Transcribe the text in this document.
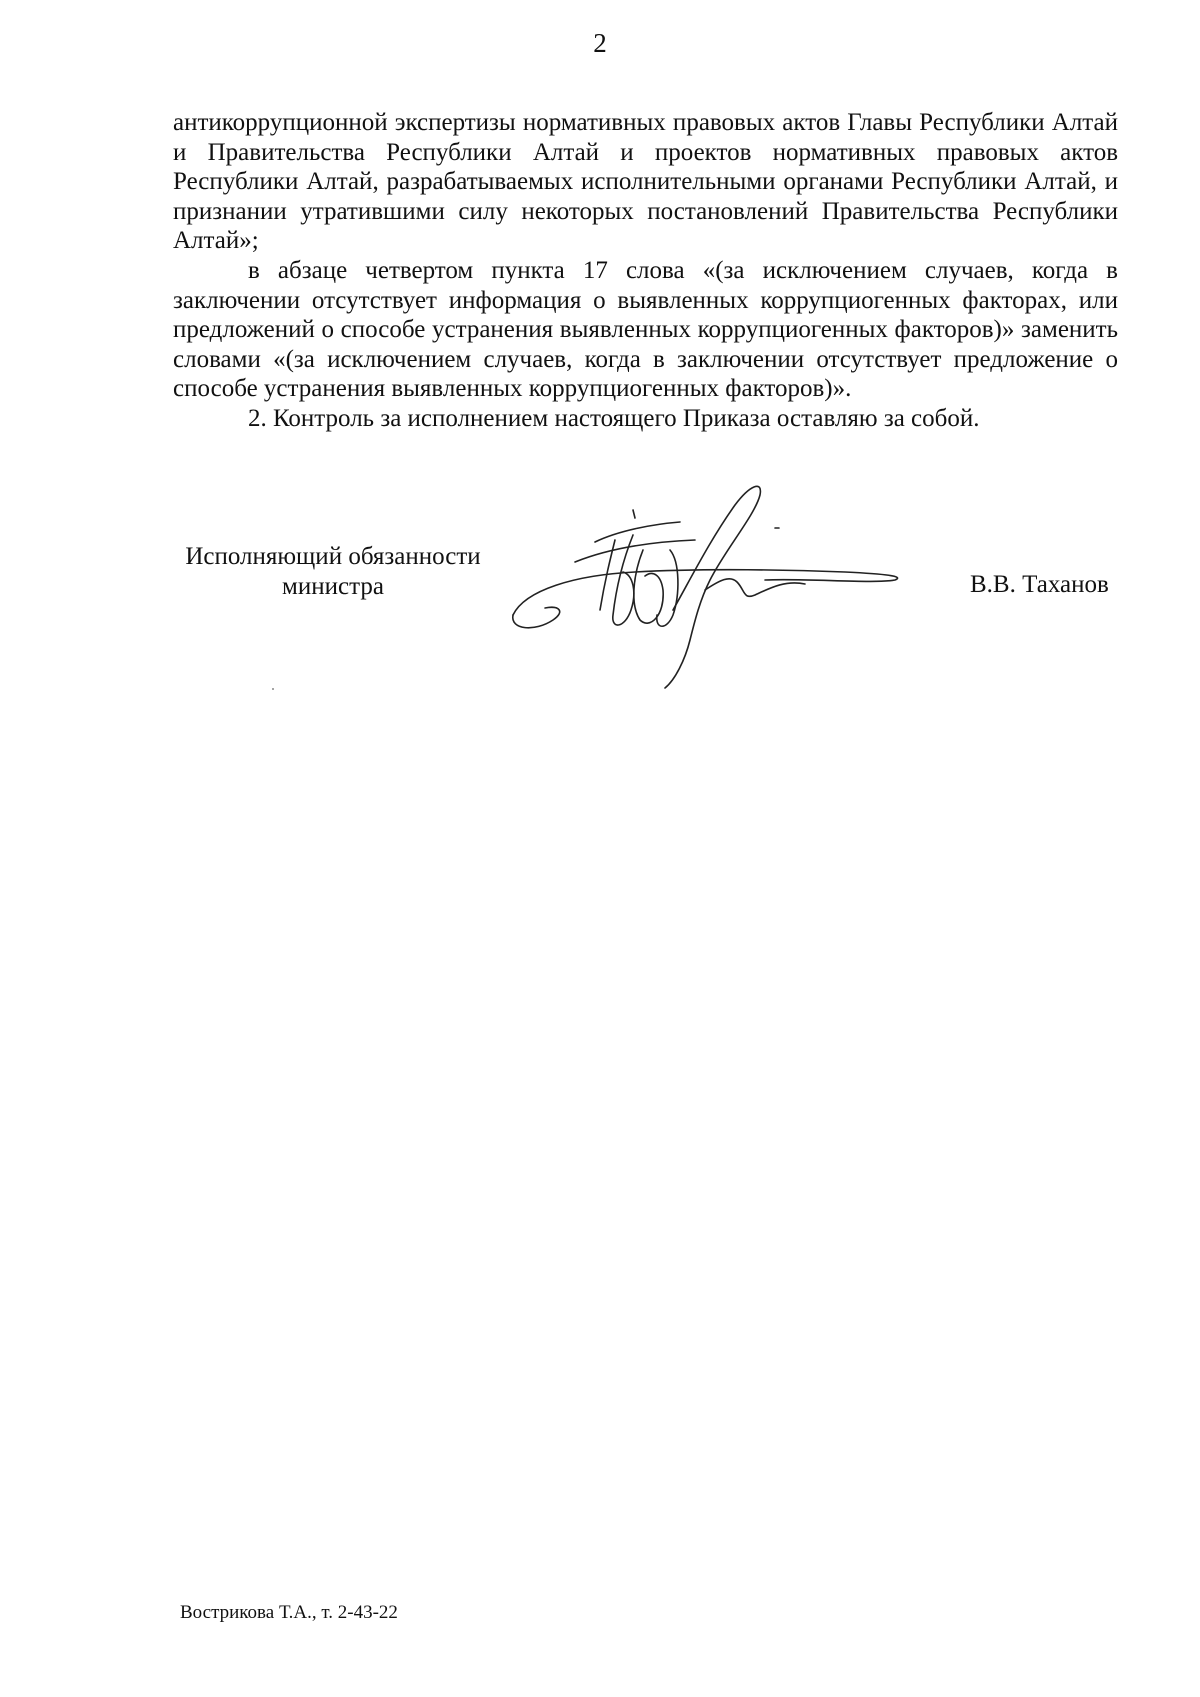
2

антикоррупционной экспертизы нормативных правовых актов Главы Республики Алтай и Правительства Республики Алтай и проектов нормативных правовых актов Республики Алтай, разрабатываемых исполнительными органами Республики Алтай, и признании утратившими силу некоторых постановлений Правительства Республики Алтай»;

в абзаце четвертом пункта 17 слова «(за исключением случаев, когда в заключении отсутствует информация о выявленных коррупциогенных факторах, или предложений о способе устранения выявленных коррупциогенных факторов)» заменить словами «(за исключением случаев, когда в заключении отсутствует предложение о способе устранения выявленных коррупциогенных факторов)».

2. Контроль за исполнением настоящего Приказа оставляю за собой.

Исполняющий обязанности
министра	В.В. Таханов
Вострикова Т.А., т. 2-43-22
